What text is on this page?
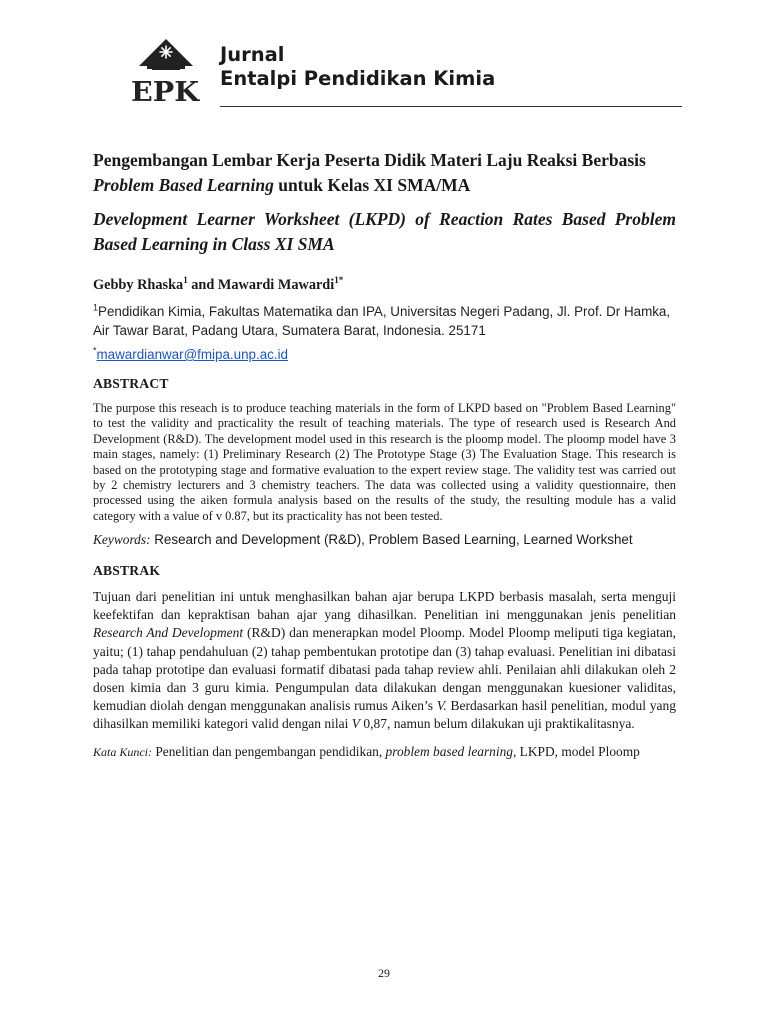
EPK
Jurnal
Entalpi Pendidikan Kimia

Pengembangan Lembar Kerja Peserta Didik Materi Laju Reaksi Berbasis Problem Based Learning untuk Kelas XI SMA/MA

Development Learner Worksheet (LKPD) of Reaction Rates Based Problem Based Learning in Class XI SMA

Gebby Rhaska$^1$ and Mawardi Mawardi$^{1*}$

$^1$Pendidikan Kimia, Fakultas Matematika dan IPA, Universitas Negeri Padang, Jl. Prof. Dr Hamka, Air Tawar Barat, Padang Utara, Sumatera Barat, Indonesia. 25171

*mawardianwar@fmipa.unp.ac.id

ABSTRACT

The purpose this reseach is to produce teaching materials in the form of LKPD based on "Problem Based Learning" to test the validity and practicality the result of teaching materials. The type of research used is Research And Development (R&D). The development model used in this research is the ploomp model. The ploomp model have 3 main stages, namely: (1) Preliminary Research (2) The Prototype Stage (3) The Evaluation Stage. This research is based on the prototyping stage and formative evaluation to the expert review stage. The validity test was carried out by 2 chemistry lecturers and 3 chemistry teachers. The data was collected using a validity questionnaire, then processed using the aiken formula analysis based on the results of the study, the resulting module has a valid category with a value of v 0.87, but its practicality has not been tested.

Keywords: Research and Development (R&D), Problem Based Learning, Learned Workshet

ABSTRAK

Tujuan dari penelitian ini untuk menghasilkan bahan ajar berupa LKPD berbasis masalah, serta menguji keefektifan dan kepraktisan bahan ajar yang dihasilkan. Penelitian ini menggunakan jenis penelitian Research And Development (R&D) dan menerapkan model Ploomp. Model Ploomp meliputi tiga kegiatan, yaitu; (1) tahap pendahuluan (2) tahap pembentukan prototipe dan (3) tahap evaluasi. Penelitian ini dibatasi pada tahap prototipe dan evaluasi formatif dibatasi pada tahap review ahli. Penilaian ahli dilakukan oleh 2 dosen kimia dan 3 guru kimia. Pengumpulan data dilakukan dengan menggunakan kuesioner validitas, kemudian diolah dengan menggunakan analisis rumus Aiken’s V. Berdasarkan hasil penelitian, modul yang dihasilkan memiliki kategori valid dengan nilai V 0,87, namun belum dilakukan uji praktikalitasnya.

Kata Kunci: Penelitian dan pengembangan pendidikan, problem based learning, LKPD, model Ploomp

29
